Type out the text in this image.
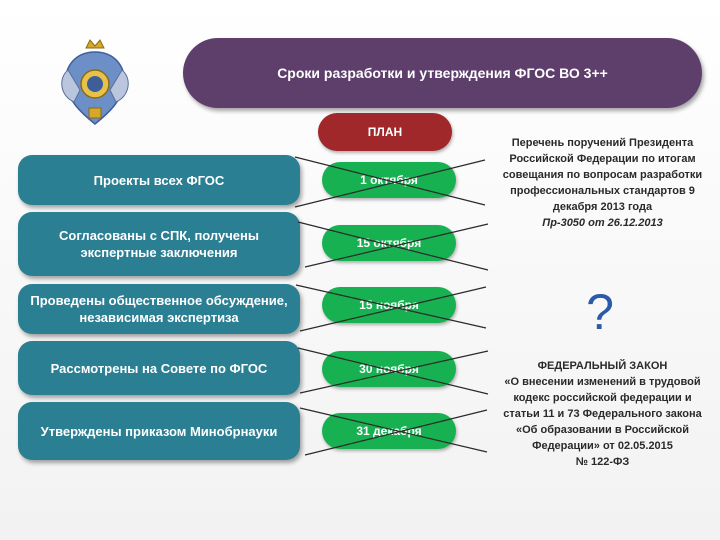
Сроки разработки и утверждения ФГОС ВО 3++
ПЛАН
Проекты всех ФГОС
Согласованы с СПК, получены экспертные заключения
Проведены общественное обсуждение, независимая экспертиза
Рассмотрены на Совете по ФГОС
Утверждены приказом Минобрнауки
1 октября
15 октября
15 ноября
30 ноября
31 декабря
Перечень поручений Президента Российской Федерации по итогам совещания по вопросам разработки профессиональных стандартов 9 декабря 2013 года
Пр-3050 от 26.12.2013
?
ФЕДЕРАЛЬНЫЙ ЗАКОН
«О внесении изменений в трудовой кодекс российской федерации и статьи 11 и 73 Федерального закона «Об образовании в Российской Федерации» от 02.05.2015
№ 122-ФЗ
